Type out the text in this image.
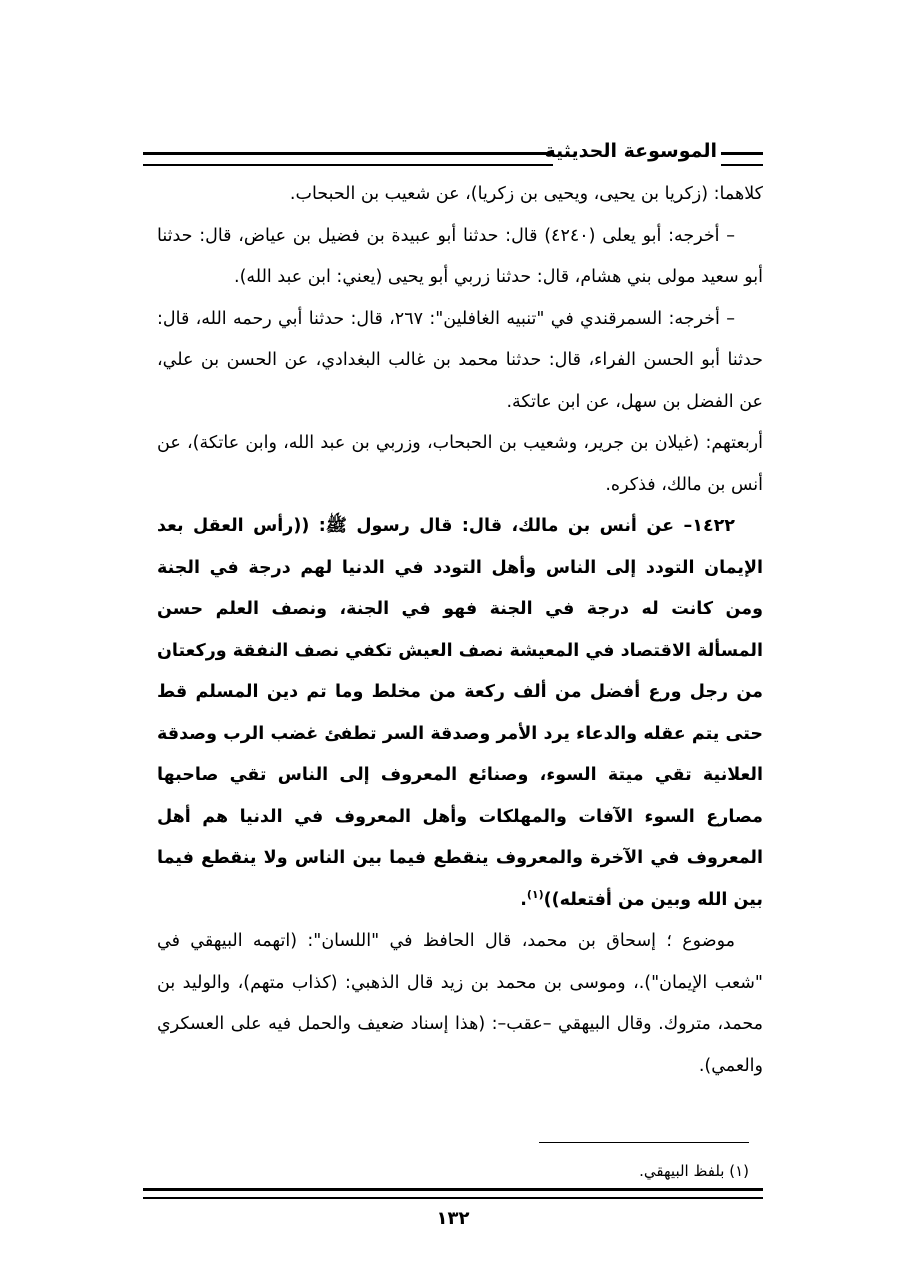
الموسوعة الحديثية

كلاهما: (زكريا بن يحيى، ويحيى بن زكريا)، عن شعيب بن الحبحاب.

– أخرجه: أبو يعلى (٤٢٤٠) قال: حدثنا أبو عبيدة بن فضيل بن عياض، قال: حدثنا أبو سعيد مولى بني هشام، قال: حدثنا زربي أبو يحيى (يعني: ابن عبد الله).

– أخرجه: السمرقندي في "تنبيه الغافلين": ٢٦٧، قال: حدثنا أبي رحمه الله، قال: حدثنا أبو الحسن الفراء، قال: حدثنا محمد بن غالب البغدادي، عن الحسن بن علي، عن الفضل بن سهل، عن ابن عاتكة.

أربعتهم: (غيلان بن جرير، وشعيب بن الحبحاب، وزربي بن عبد الله، وابن عاتكة)، عن أنس بن مالك، فذكره.

١٤٢٢– عن أنس بن مالك، قال: قال رسول ﷺ: ((رأس العقل بعد الإيمان التودد إلى الناس وأهل التودد في الدنيا لهم درجة في الجنة ومن كانت له درجة في الجنة فهو في الجنة، ونصف العلم حسن المسألة الاقتصاد في المعيشة نصف العيش تكفي نصف النفقة وركعتان من رجل ورع أفضل من ألف ركعة من مخلط وما تم دين المسلم قط حتى يتم عقله والدعاء يرد الأمر وصدقة السر تطفئ غضب الرب وصدقة العلانية تقي ميتة السوء، وصنائع المعروف إلى الناس تقي صاحبها مصارع السوء الآفات والمهلكات وأهل المعروف في الدنيا هم أهل المعروف في الآخرة والمعروف ينقطع فيما بين الناس ولا ينقطع فيما بين الله وبين من أفتعله))$^{(١)}$.

موضوع ؛ إسحاق بن محمد، قال الحافظ في "اللسان": (اتهمه البيهقي في "شعب الإيمان").، وموسى بن محمد بن زيد قال الذهبي: (كذاب متهم)، والوليد بن محمد، متروك. وقال البيهقي –عقب–: (هذا إسناد ضعيف والحمل فيه على العسكري والعمي).

(١) بلفظ البيهقي.
١٣٢
